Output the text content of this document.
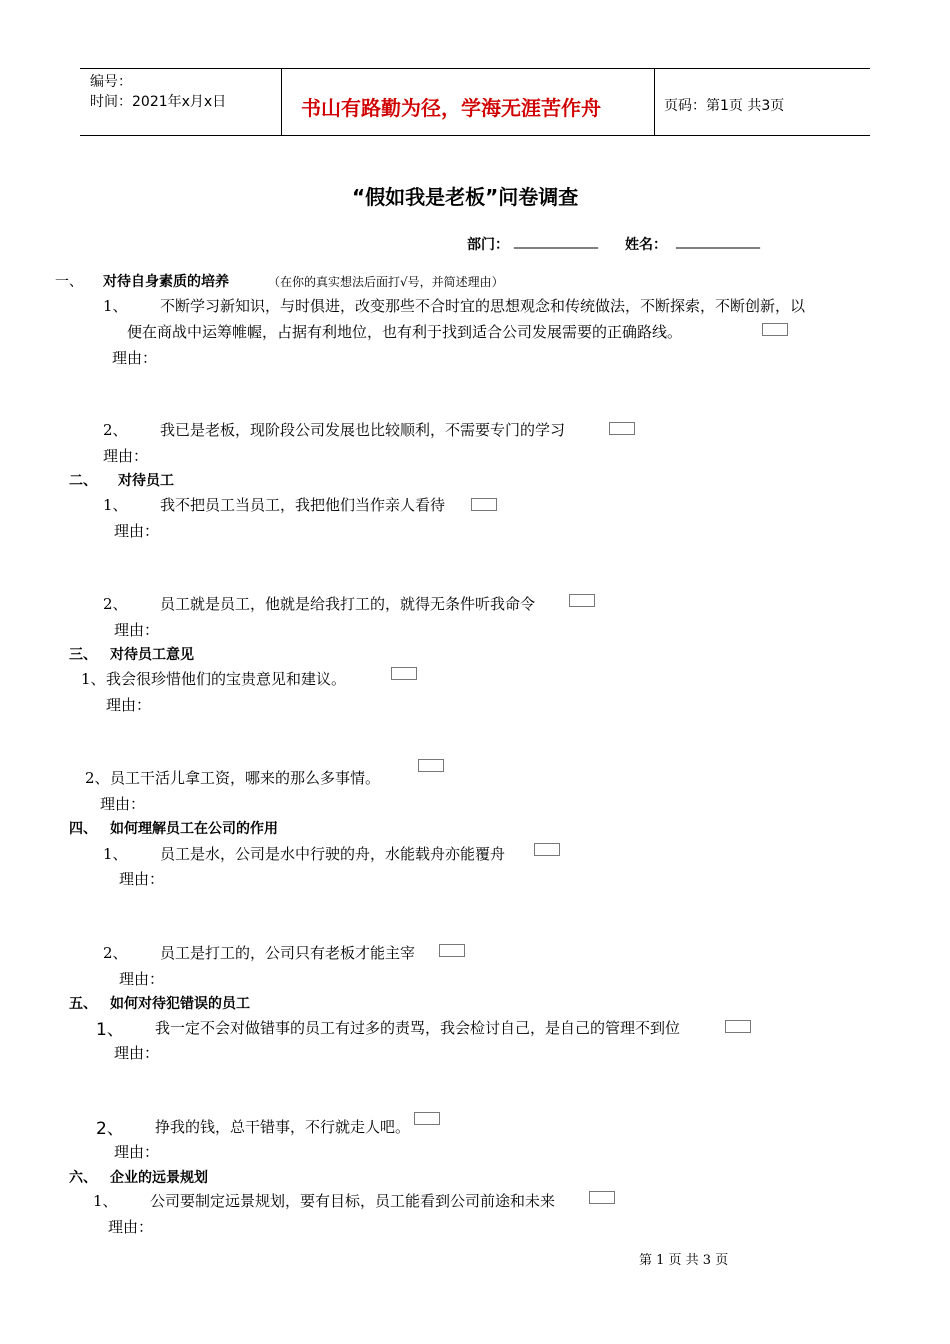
编号：
时间：2021年x月x日	书山有路勤为径，学海无涯苦作舟	页码：第1页 共3页
“假如我是老板”问卷调查
部门： ____________ 姓名： ____________
一、 对待自身素质的培养	（在你的真实想法后面打√号，并简述理由）
1、 不断学习新知识，与时俱进，改变那些不合时宜的思想观念和传统做法，不断探索，不断创新，以
便在商战中运筹帷幄，占据有利地位，也有利于找到适合公司发展需要的正确路线。
理由：
2、 我已是老板，现阶段公司发展也比较顺利，不需要专门的学习
理由：
二、 对待员工
1、 我不把员工当员工，我把他们当作亲人看待
理由：
2、 员工就是员工，他就是给我打工的，就得无条件听我命令
理由：
三、 对待员工意见
1、 我会很珍惜他们的宝贵意见和建议。
理由：
2、 员工干活儿拿工资，哪来的那么多事情。
理由：
四、 如何理解员工在公司的作用
1、 员工是水，公司是水中行驶的舟，水能载舟亦能覆舟
理由：
2、 员工是打工的，公司只有老板才能主宰
理由：
五、 如何对待犯错误的员工
1、 我一定不会对做错事的员工有过多的责骂，我会检讨自己，是自己的管理不到位
理由：
2、 挣我的钱，总干错事，不行就走人吧。
理由：
六、 企业的远景规划
1、 公司要制定远景规划，要有目标，员工能看到公司前途和未来
理由：
第 1 页 共 3 页
